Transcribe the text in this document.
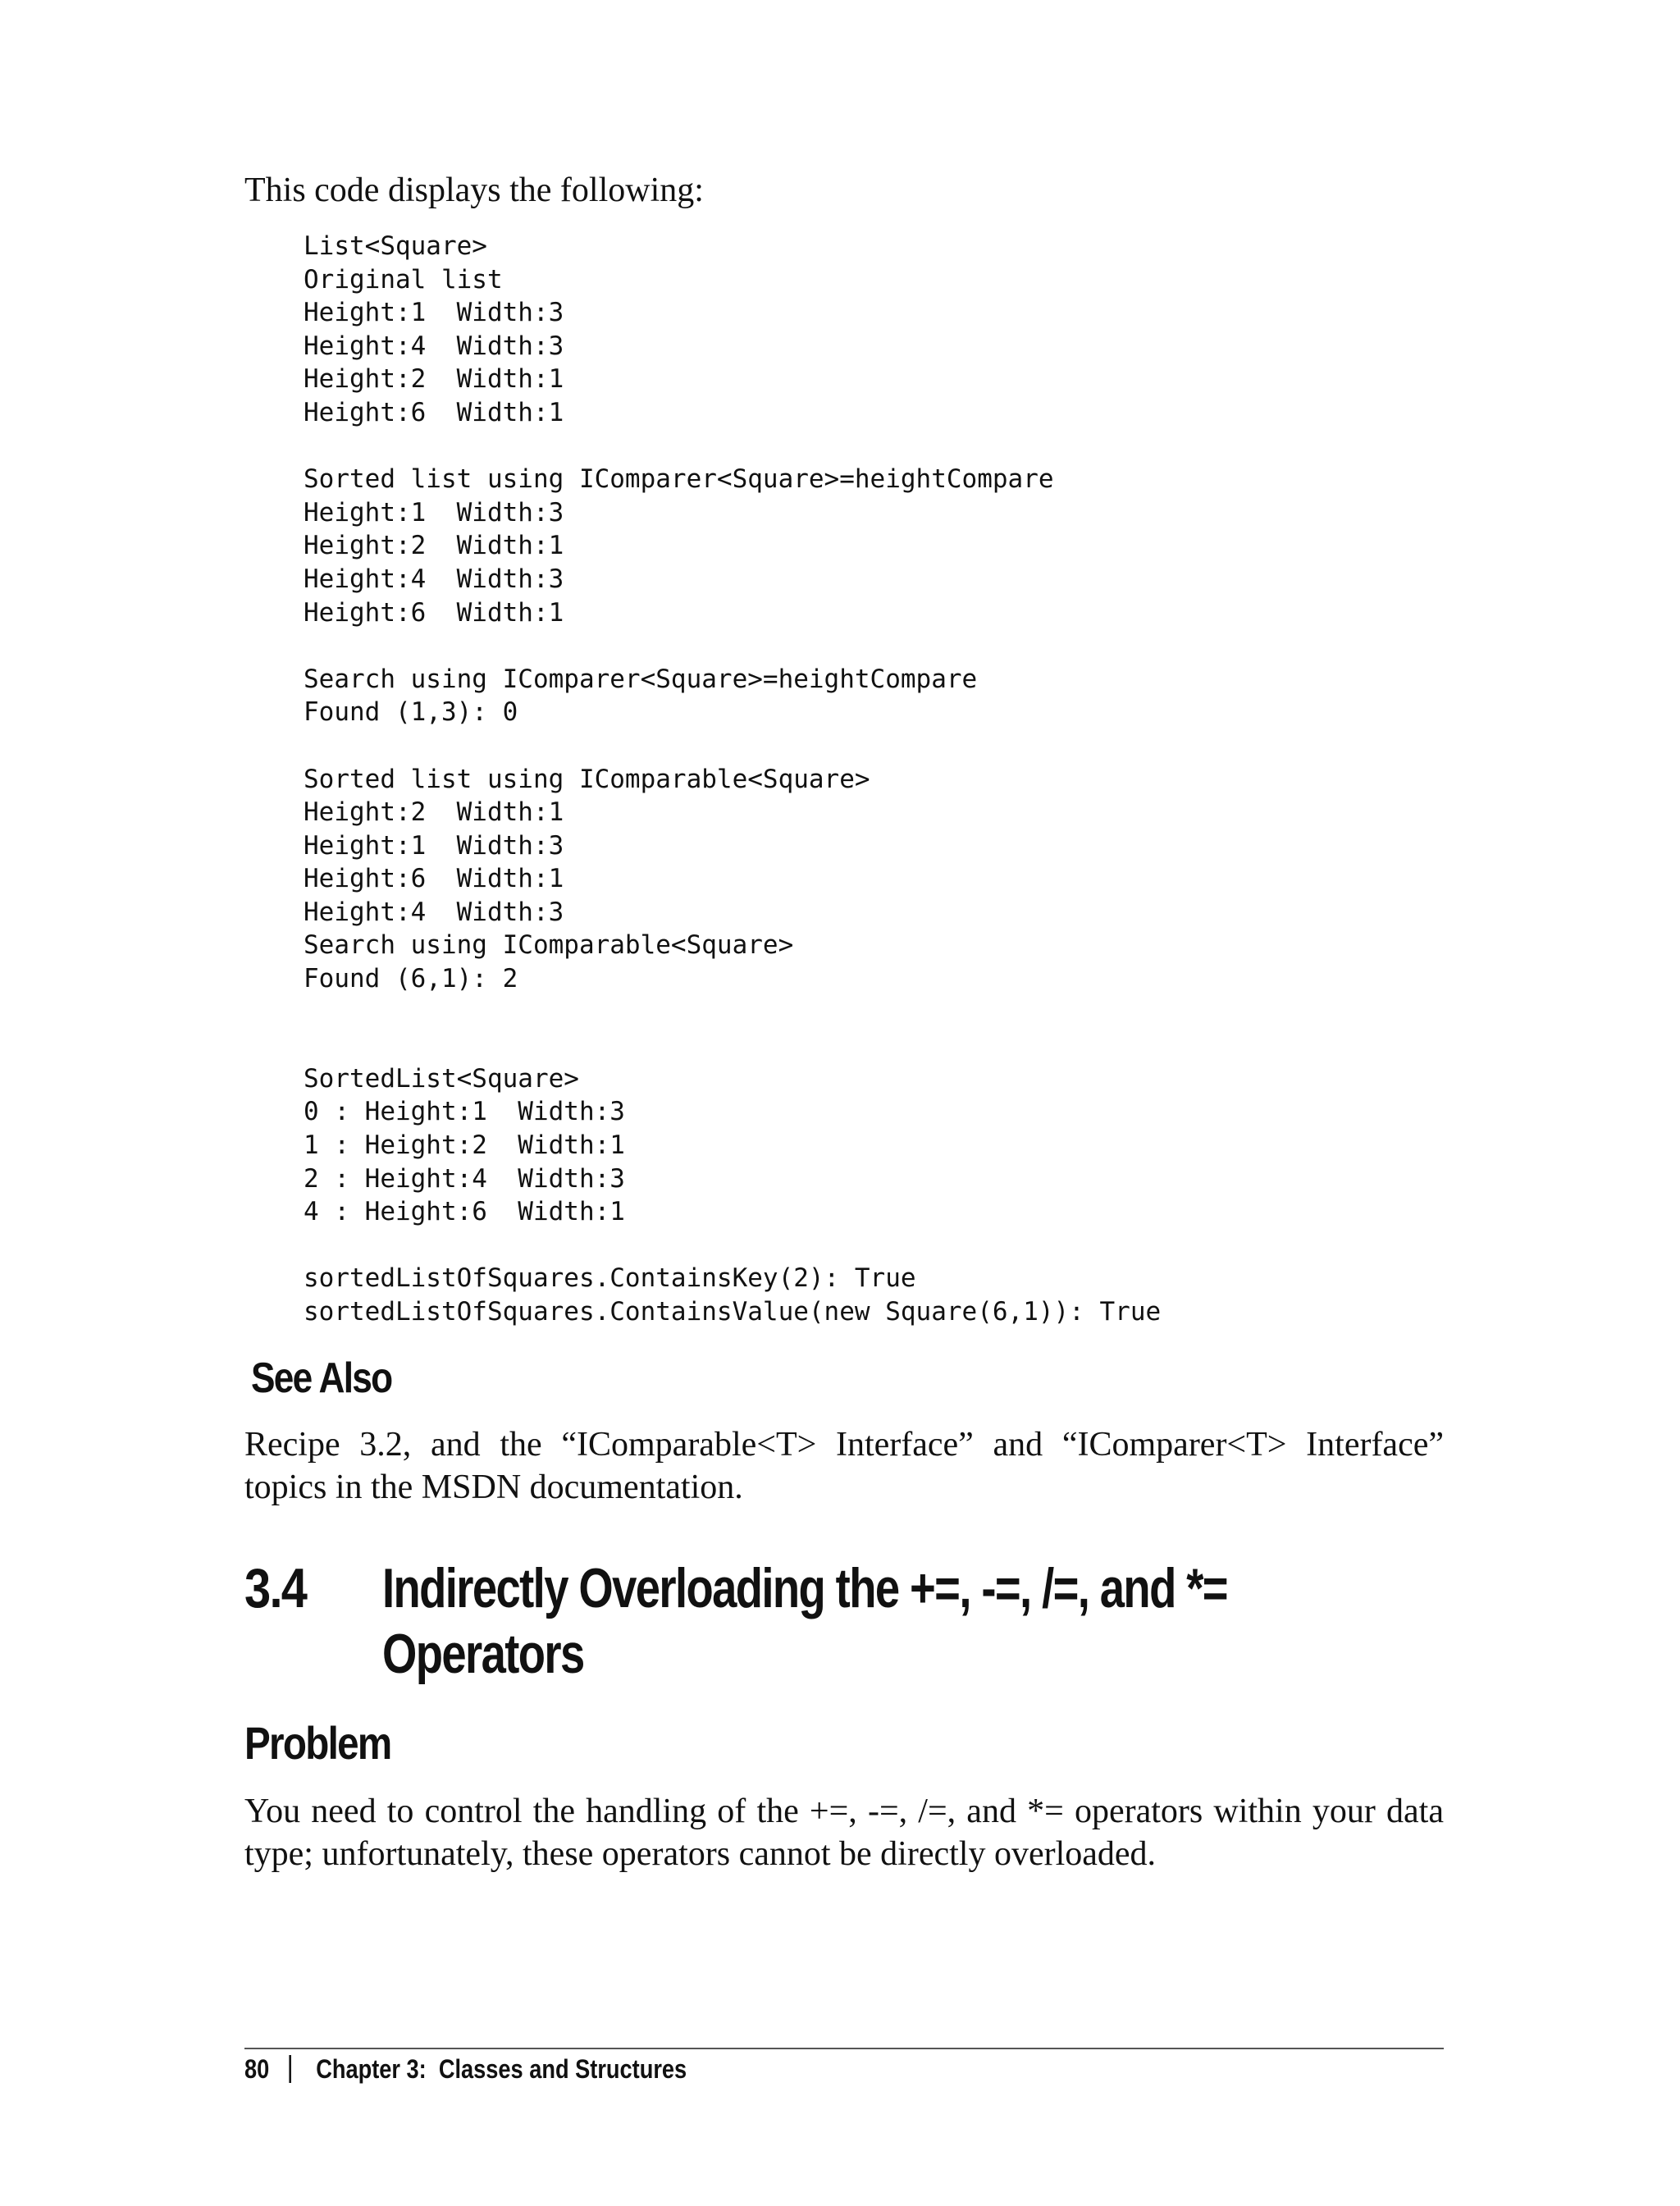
This code displays the following:
List<Square>
Original list
Height:1  Width:3
Height:4  Width:3
Height:2  Width:1
Height:6  Width:1
Sorted list using IComparer<Square>=heightCompare
Height:1  Width:3
Height:2  Width:1
Height:4  Width:3
Height:6  Width:1
Search using IComparer<Square>=heightCompare
Found (1,3): 0
Sorted list using IComparable<Square>
Height:2  Width:1
Height:1  Width:3
Height:6  Width:1
Height:4  Width:3
Search using IComparable<Square>
Found (6,1): 2
SortedList<Square>
0 : Height:1  Width:3
1 : Height:2  Width:1
2 : Height:4  Width:3
4 : Height:6  Width:1
sortedListOfSquares.ContainsKey(2): True
sortedListOfSquares.ContainsValue(new Square(6,1)): True
See Also
Recipe 3.2, and the “IComparable<T> Interface” and “IComparer<T> Interface” topics in the MSDN documentation.
3.4 Indirectly Overloading the +=, -=, /=, and *= Operators
Problem
You need to control the handling of the +=, -=, /=, and *= operators within your data type; unfortunately, these operators cannot be directly overloaded.
80 Chapter 3:  Classes and Structures
